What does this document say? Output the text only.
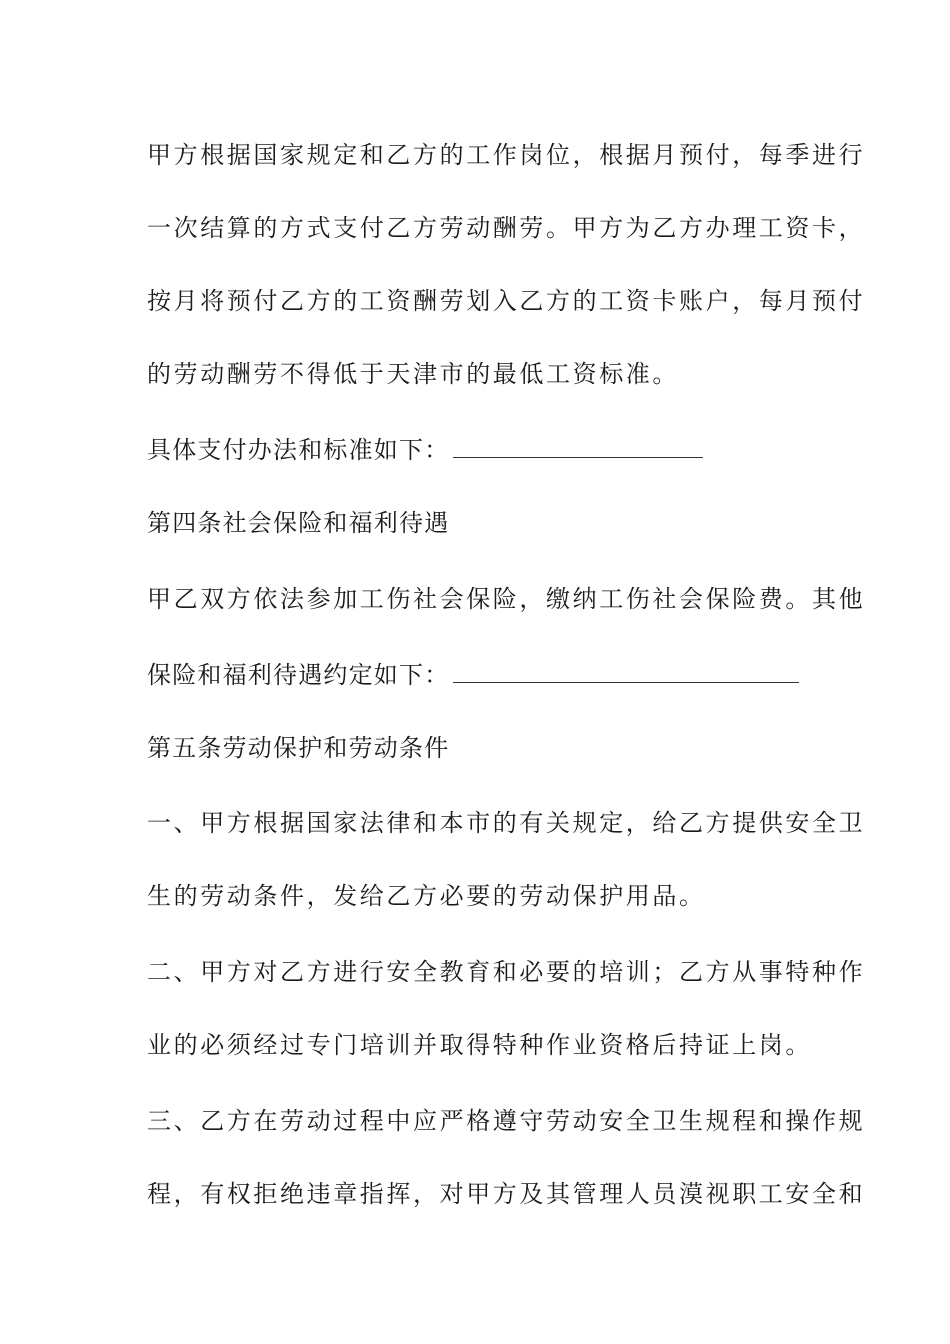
甲方根据国家规定和乙方的工作岗位，根据月预付，每季进行
一次结算的方式支付乙方劳动酬劳。甲方为乙方办理工资卡，
按月将预付乙方的工资酬劳划入乙方的工资卡账户，每月预付
的劳动酬劳不得低于天津市的最低工资标准。
具体支付办法和标准如下：
第四条社会保险和福利待遇
甲乙双方依法参加工伤社会保险，缴纳工伤社会保险费。其他
保险和福利待遇约定如下：
第五条劳动保护和劳动条件
一、甲方根据国家法律和本市的有关规定，给乙方提供安全卫
生的劳动条件，发给乙方必要的劳动保护用品。
二、甲方对乙方进行安全教育和必要的培训；乙方从事特种作
业的必须经过专门培训并取得特种作业资格后持证上岗。
三、乙方在劳动过程中应严格遵守劳动安全卫生规程和操作规
程，有权拒绝违章指挥，对甲方及其管理人员漠视职工安全和
